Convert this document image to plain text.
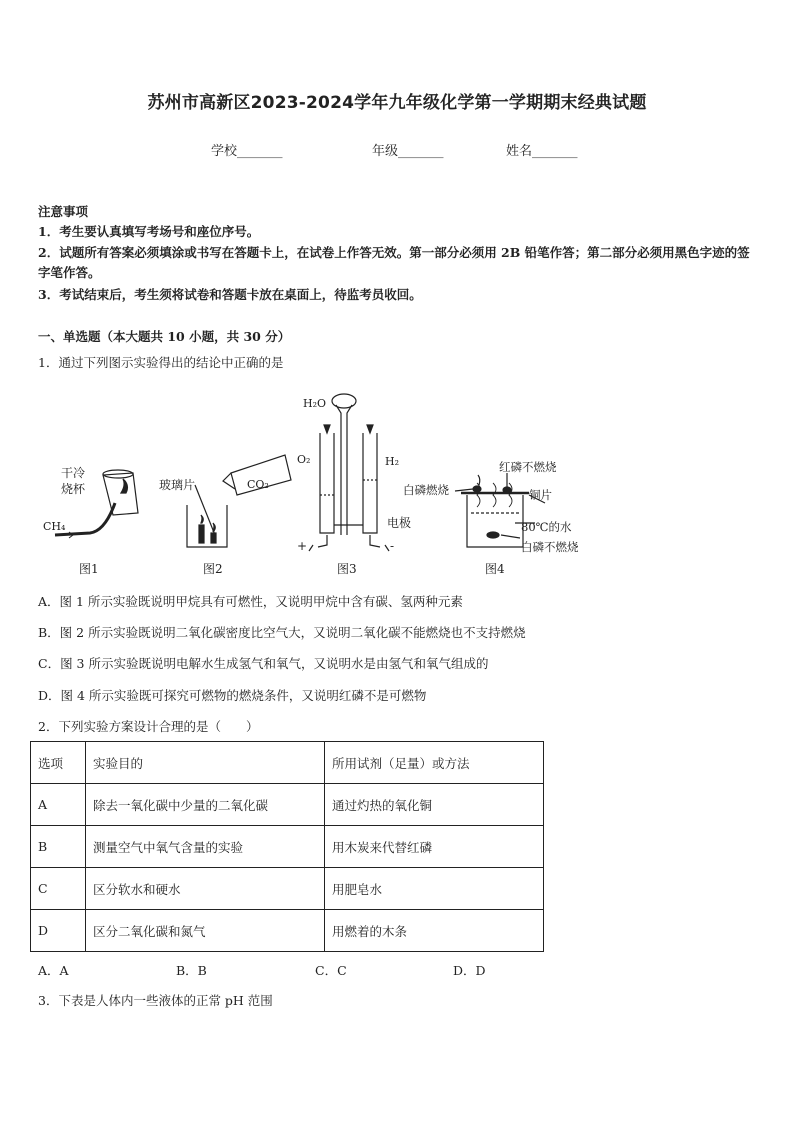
苏州市高新区2023-2024学年九年级化学第一学期期末经典试题
学校_______	年级_______	姓名_______
注意事项
1．考生要认真填写考场号和座位序号。
2．试题所有答案必须填涂或书写在答题卡上，在试卷上作答无效。第一部分必须用 2B 铅笔作答；第二部分必须用黑色字迹的签字笔作答。
3．考试结束后，考生须将试卷和答题卡放在桌面上，待监考员收回。
一、单选题（本大题共 10 小题，共 30 分）
1．通过下列图示实验得出的结论中正确的是
干冷
烧杯
CH₄
图1
玻璃片	CO₂
图2
H₂O
O₂	H₂
电极
+	-
图3
红磷不燃烧
白磷燃烧	铜片
80℃的水
白磷不燃烧
图4
A．图 1 所示实验既说明甲烷具有可燃性，又说明甲烷中含有碳、氢两种元素
B．图 2 所示实验既说明二氧化碳密度比空气大，又说明二氧化碳不能燃烧也不支持燃烧
C．图 3 所示实验既说明电解水生成氢气和氧气，又说明水是由氢气和氧气组成的
D．图 4 所示实验既可探究可燃物的燃烧条件，又说明红磷不是可燃物
2．下列实验方案设计合理的是（　　）
选项	实验目的	所用试剂（足量）或方法
A	除去一氧化碳中少量的二氧化碳	通过灼热的氧化铜
B	测量空气中氧气含量的实验	用木炭来代替红磷
C	区分软水和硬水	用肥皂水
D	区分二氧化碳和氮气	用燃着的木条
A．A	B．B	C．C	D．D
3．下表是人体内一些液体的正常 pH 范围
